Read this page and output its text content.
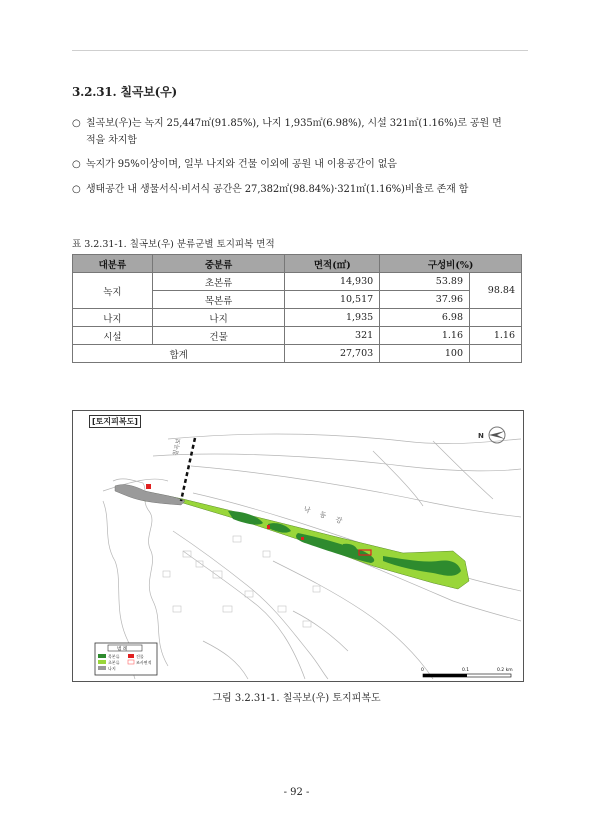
3.2.31. 칠곡보(우)
○ 칠곡보(우)는 녹지 25,447㎡(91.85%), 나지 1,935㎡(6.98%), 시설 321㎡(1.16%)로 공원 면
적을 차지함
○ 녹지가 95%이상이며, 일부 나지와 건물 이외에 공원 내 이용공간이 없음
○ 생태공간 내 생물서식·비서식 공간은 27,382㎡(98.84%)·321㎡(1.16%)비율로 존재 함
표 3.2.31-1. 칠곡보(우) 분류군별 토지피복 면적
대분류	중분류	면적(㎡)	구성비(%)	
녹지	초본류	14,930	53.89	98.84
	목본류	10,517	37.96	
나지	나지	1,935	6.98	
시설	건물	321	1.16	1.16
합계		27,703	100	
칠곡보
낙동강
N
범 례
목본류
초본류
나지
건물
조사면적
0	0.1	0.2 km
[토지피복도]
그림 3.2.31-1. 칠곡보(우) 토지피복도
- 92 -
